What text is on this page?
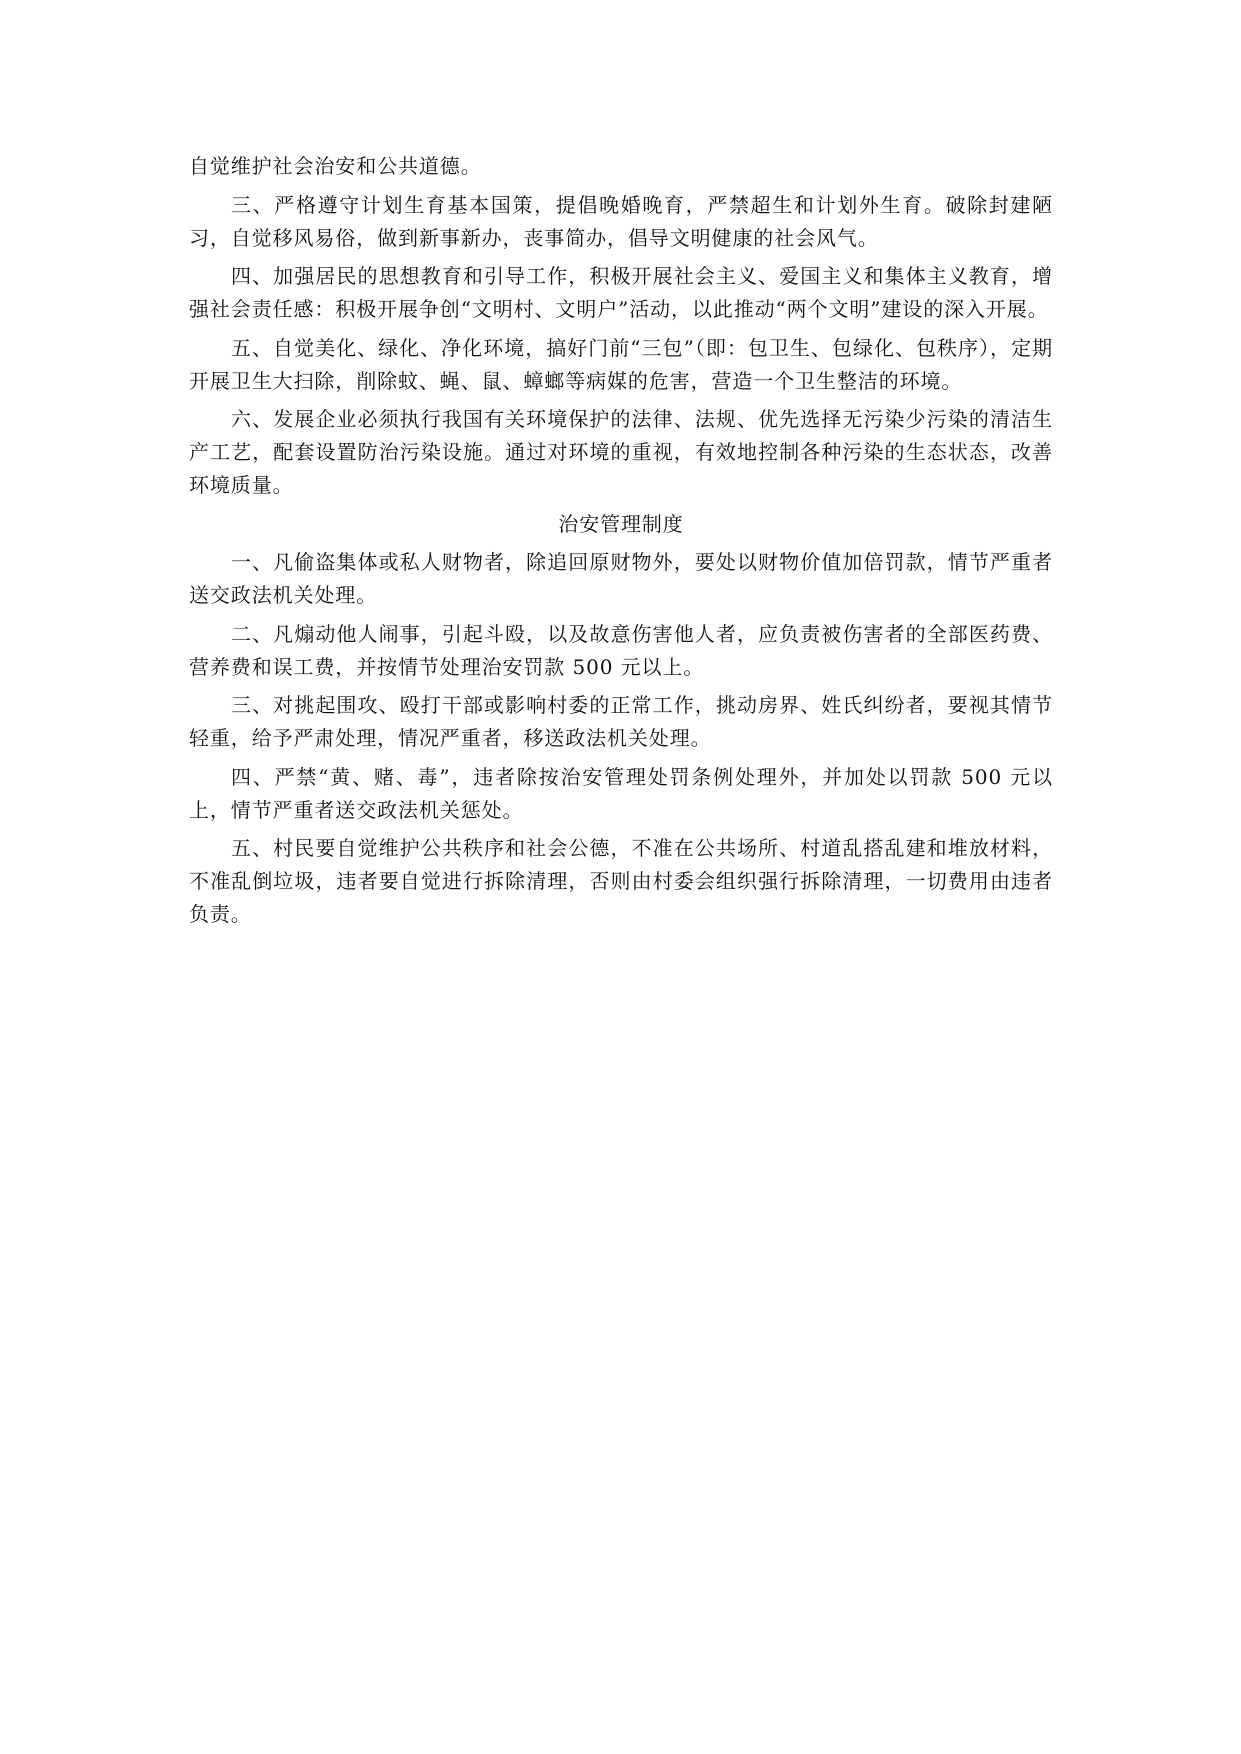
自觉维护社会治安和公共道德。

三、严格遵守计划生育基本国策，提倡晚婚晚育，严禁超生和计划外生育。破除封建陋习，自觉移风易俗，做到新事新办，丧事简办，倡导文明健康的社会风气。

四、加强居民的思想教育和引导工作，积极开展社会主义、爱国主义和集体主义教育，增强社会责任感：积极开展争创“文明村、文明户”活动，以此推动“两个文明”建设的深入开展。

五、自觉美化、绿化、净化环境，搞好门前“三包”（即：包卫生、包绿化、包秩序），定期开展卫生大扫除，削除蚊、蝇、鼠、蟑螂等病媒的危害，营造一个卫生整洁的环境。

六、发展企业必须执行我国有关环境保护的法律、法规、优先选择无污染少污染的清洁生产工艺，配套设置防治污染设施。通过对环境的重视，有效地控制各种污染的生态状态，改善环境质量。

治安管理制度

一、凡偷盗集体或私人财物者，除追回原财物外，要处以财物价值加倍罚款，情节严重者送交政法机关处理。

二、凡煽动他人闹事，引起斗殴，以及故意伤害他人者，应负责被伤害者的全部医药费、营养费和误工费，并按情节处理治安罚款 500 元以上。

三、对挑起围攻、殴打干部或影响村委的正常工作，挑动房界、姓氏纠纷者，要视其情节轻重，给予严肃处理，情况严重者，移送政法机关处理。

四、严禁“黄、赌、毒”，违者除按治安管理处罚条例处理外，并加处以罚款 500 元以上，情节严重者送交政法机关惩处。

五、村民要自觉维护公共秩序和社会公德，不准在公共场所、村道乱搭乱建和堆放材料，不准乱倒垃圾，违者要自觉进行拆除清理，否则由村委会组织强行拆除清理，一切费用由违者负责。
